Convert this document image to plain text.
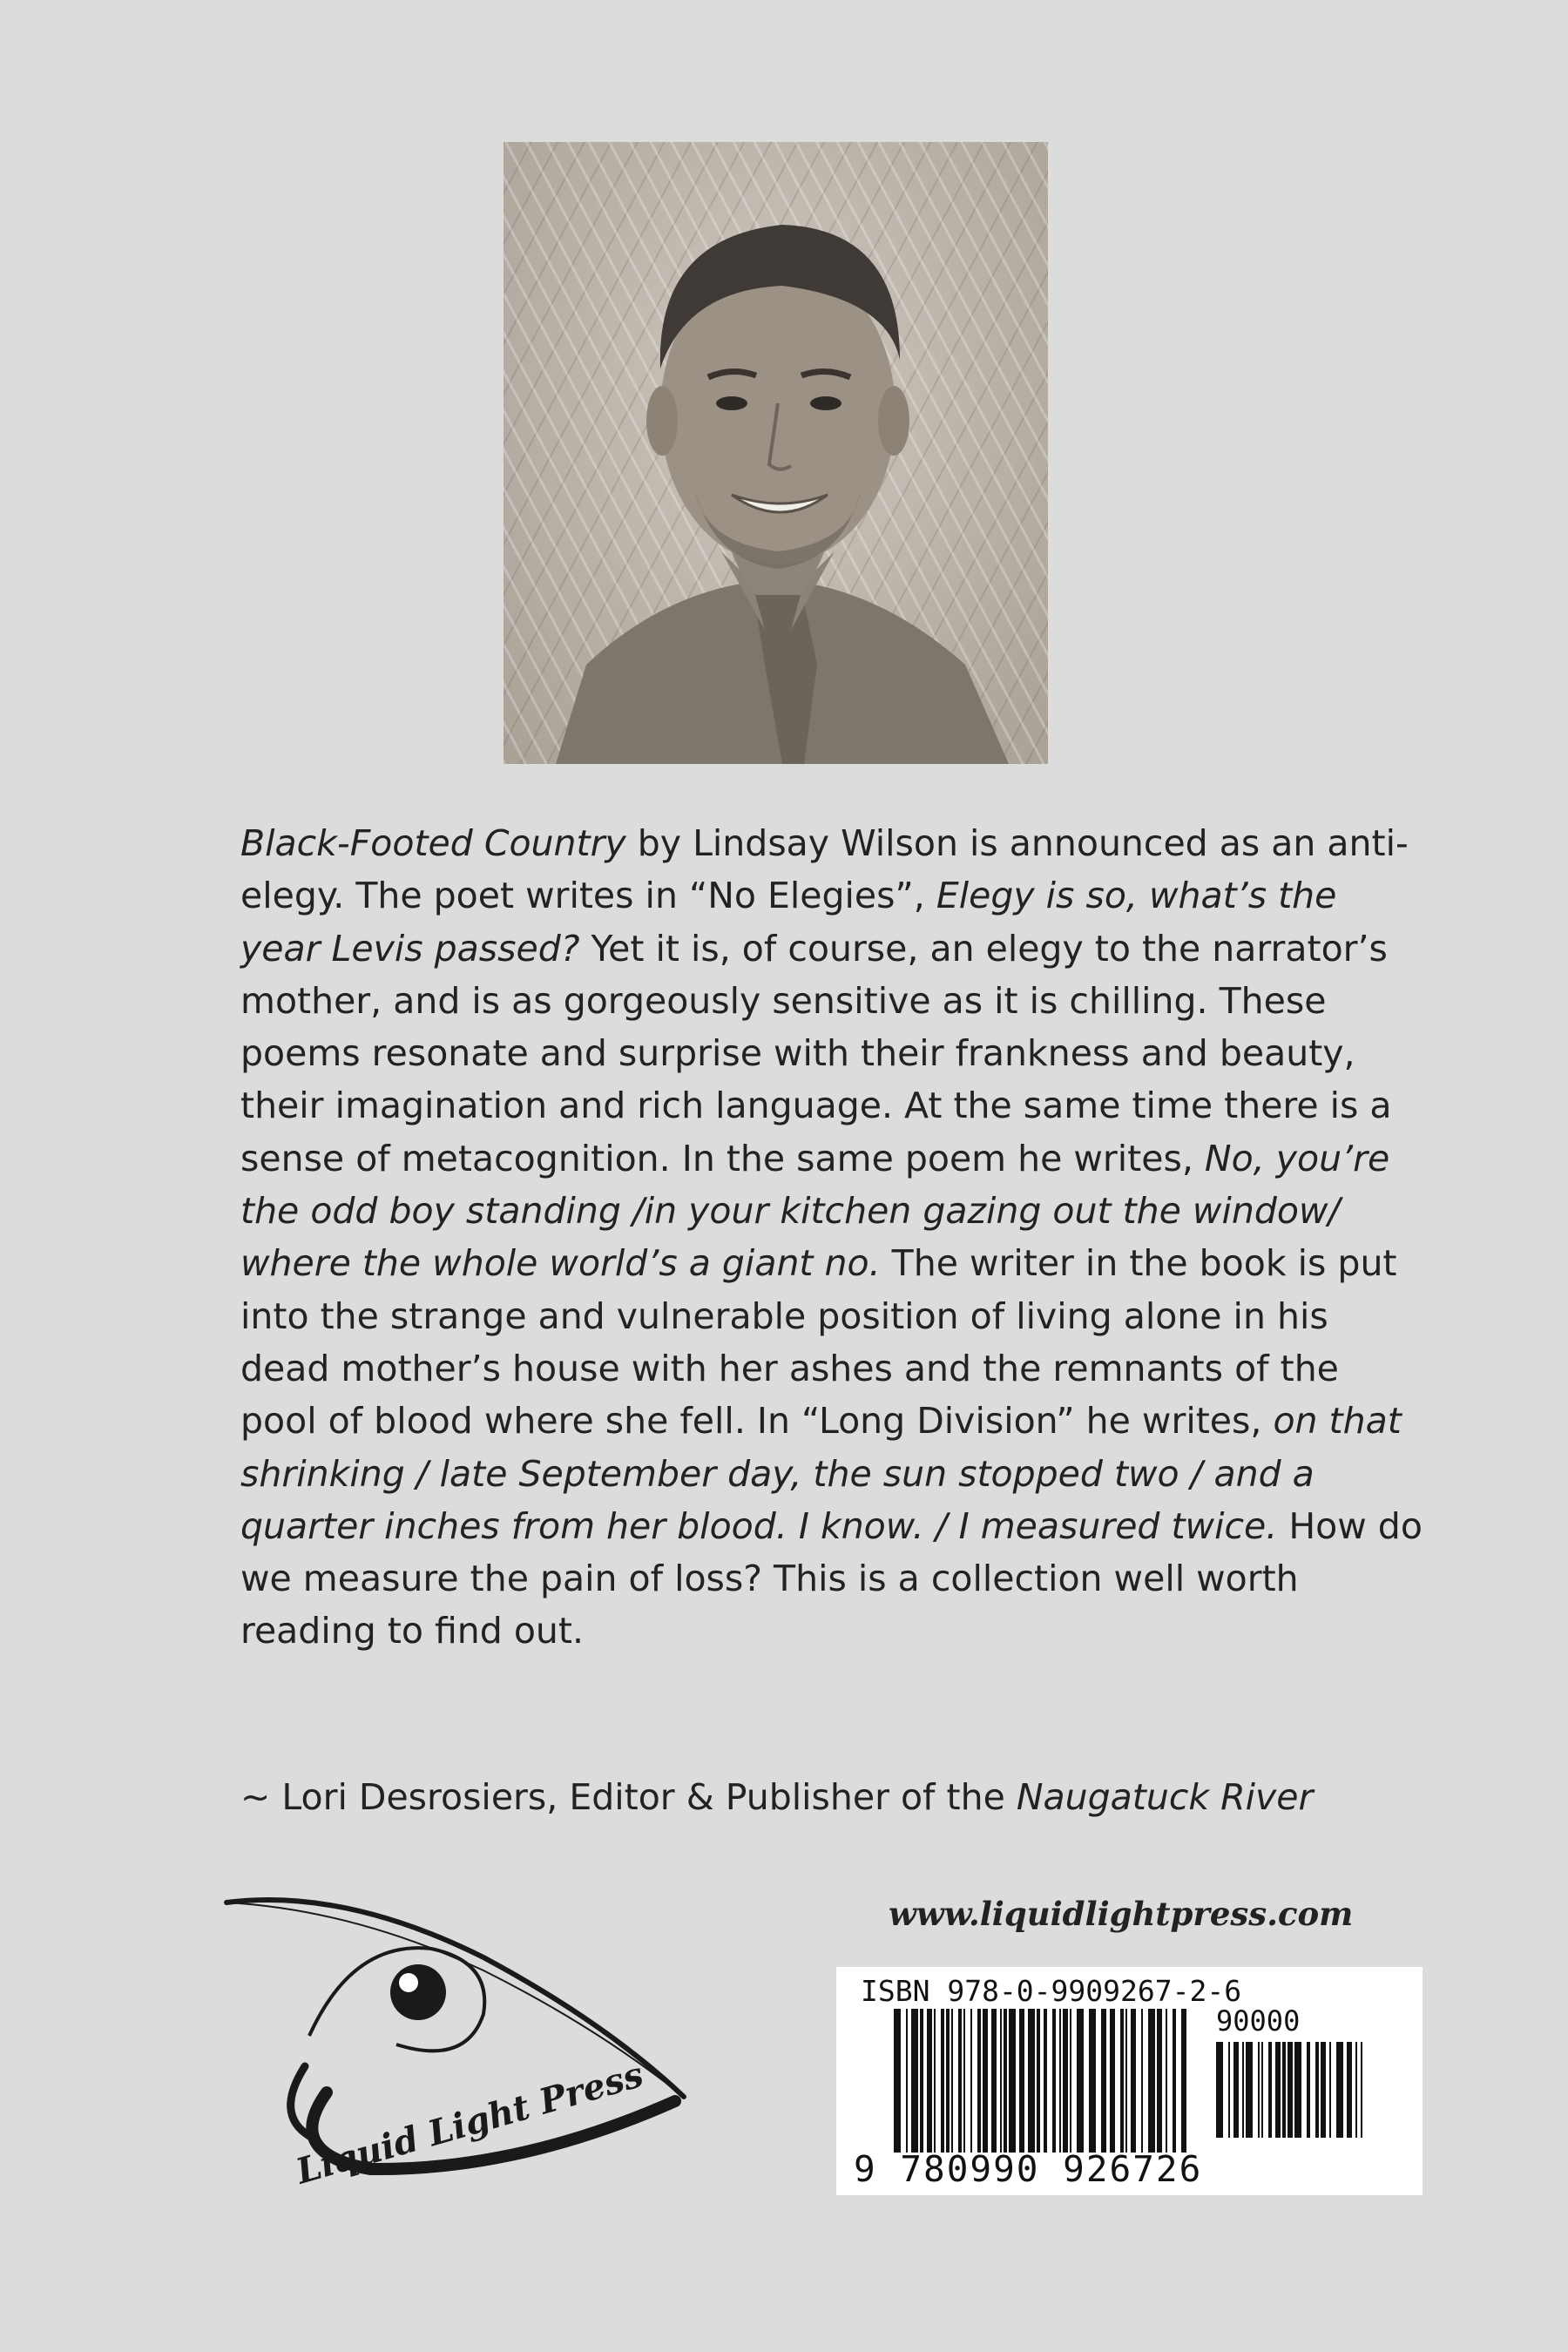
Black-Footed Country by Lindsay Wilson is announced as an anti-elegy. The poet writes in “No Elegies”, Elegy is so, what’s the year Levis passed? Yet it is, of course, an elegy to the narrator’s mother, and is as gorgeously sensitive as it is chilling. These poems resonate and surprise with their frankness and beauty, their imagination and rich language. At the same time there is a sense of metacognition. In the same poem he writes, No, you’re the odd boy standing /in your kitchen gazing out the window/ where the whole world’s a giant no. The writer in the book is put into the strange and vulnerable position of living alone in his dead mother’s house with her ashes and the remnants of the pool of blood where she fell. In “Long Division” he writes, on that shrinking / late September day, the sun stopped two / and a quarter inches from her blood. I know. / I measured twice. How do we measure the pain of loss? This is a collection well worth reading to find out.

~ Lori Desrosiers, Editor & Publisher of the Naugatuck River

Liquid Light Press
www.liquidlightpress.com
ISBN 978-0-9909267-2-6
90000
9 780990 926726
